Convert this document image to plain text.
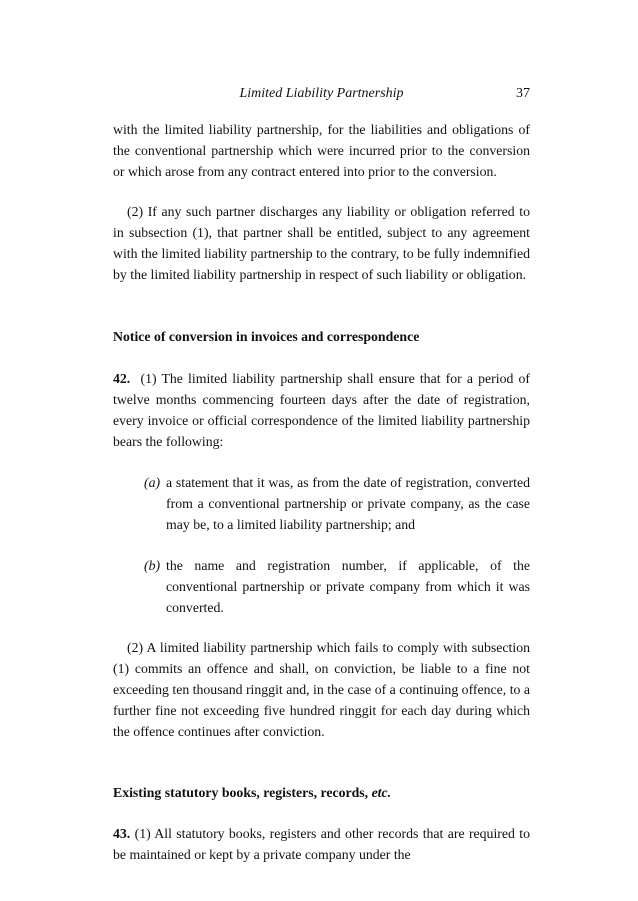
Limited Liability Partnership	37

with the limited liability partnership, for the liabilities and obligations of the conventional partnership which were incurred prior to the conversion or which arose from any contract entered into prior to the conversion.

(2) If any such partner discharges any liability or obligation referred to in subsection (1), that partner shall be entitled, subject to any agreement with the limited liability partnership to the contrary, to be fully indemnified by the limited liability partnership in respect of such liability or obligation.

Notice of conversion in invoices and correspondence

42. (1) The limited liability partnership shall ensure that for a period of twelve months commencing fourteen days after the date of registration, every invoice or official correspondence of the limited liability partnership bears the following:

(a) a statement that it was, as from the date of registration, converted from a conventional partnership or private company, as the case may be, to a limited liability partnership; and
(b) the name and registration number, if applicable, of the conventional partnership or private company from which it was converted.

(2) A limited liability partnership which fails to comply with subsection (1) commits an offence and shall, on conviction, be liable to a fine not exceeding ten thousand ringgit and, in the case of a continuing offence, to a further fine not exceeding five hundred ringgit for each day during which the offence continues after conviction.

Existing statutory books, registers, records, etc.

43. (1) All statutory books, registers and other records that are required to be maintained or kept by a private company under the
